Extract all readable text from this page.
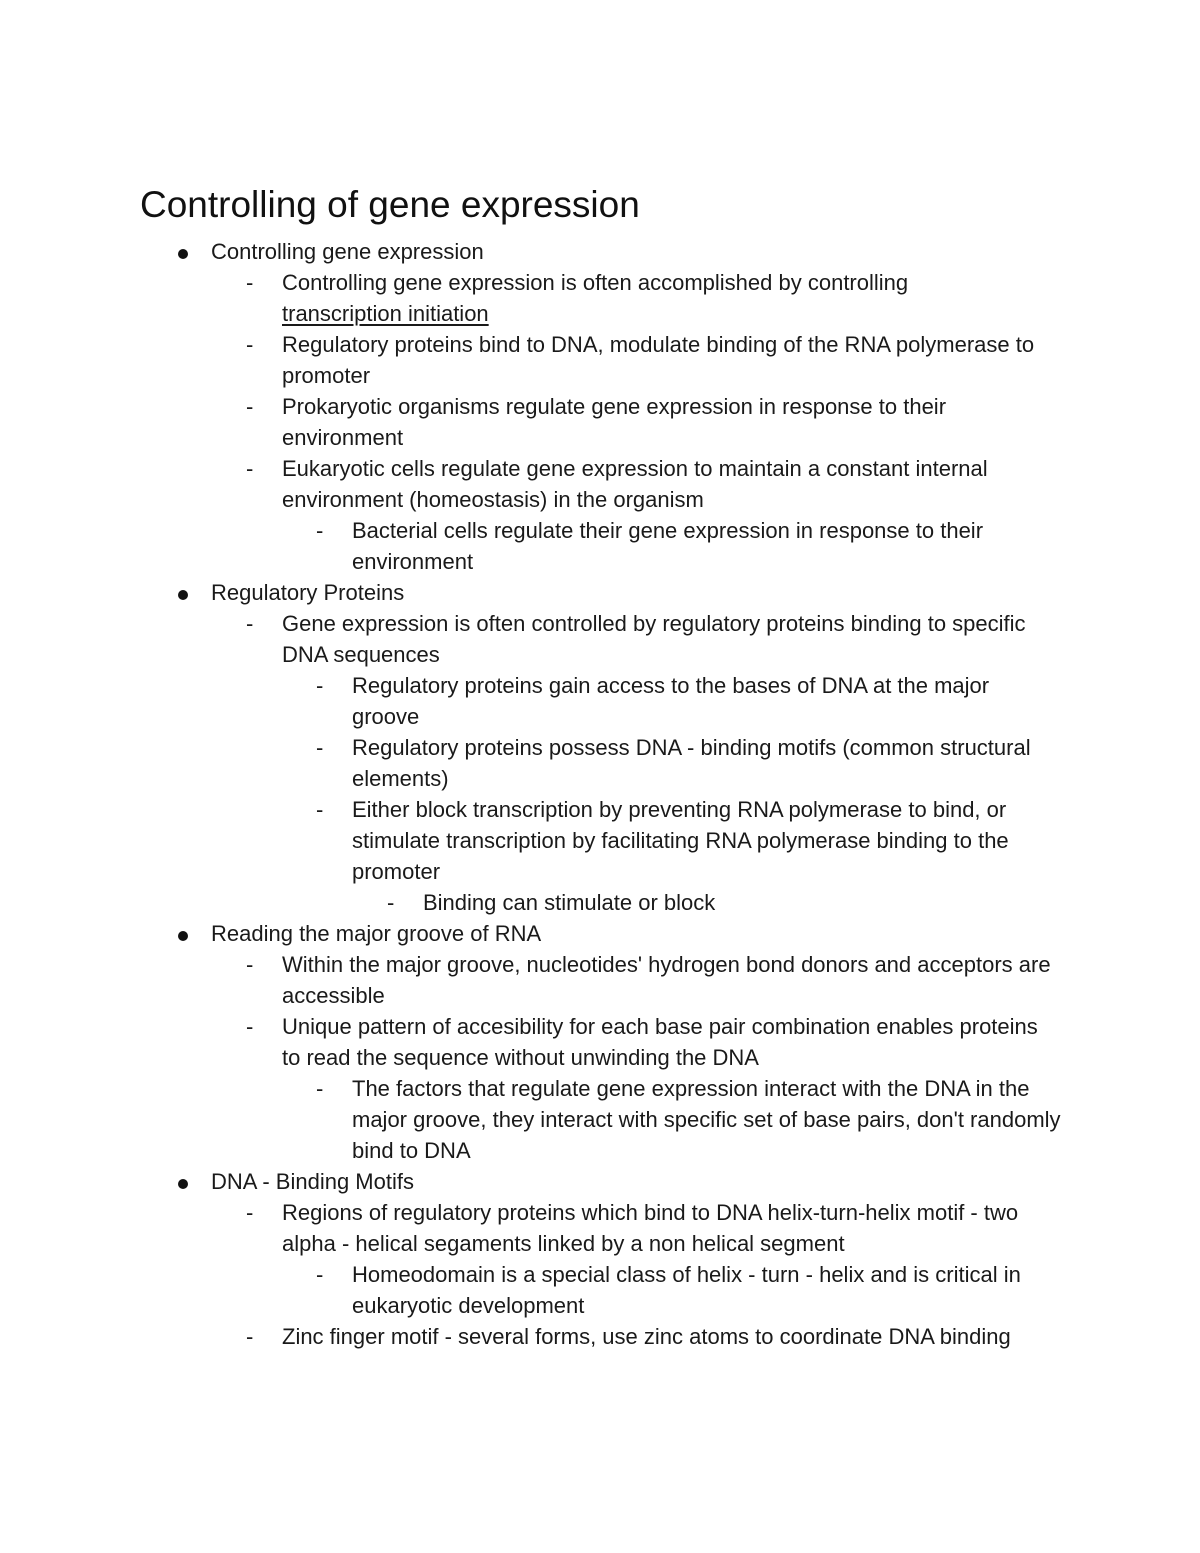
Controlling of gene expression
Controlling gene expression
-	Controlling gene expression is often accomplished by controlling
transcription initiation
-	Regulatory proteins bind to DNA, modulate binding of the RNA polymerase to promoter
-	Prokaryotic organisms regulate gene expression in response to their environment
-	Eukaryotic cells regulate gene expression to maintain a constant internal environment (homeostasis) in the organism
-	Bacterial cells regulate their gene expression in response to their environment
Regulatory Proteins
-	Gene expression is often controlled by regulatory proteins binding to specific DNA sequences
-	Regulatory proteins gain access to the bases of DNA at the major groove
-	Regulatory proteins possess DNA - binding motifs (common structural elements)
-	Either block transcription by preventing RNA polymerase to bind, or stimulate transcription by facilitating RNA polymerase binding to the promoter
-	Binding can stimulate or block
Reading the major groove of RNA
-	Within the major groove, nucleotides' hydrogen bond donors and acceptors are accessible
-	Unique pattern of accesibility for each base pair combination enables proteins to read the sequence without unwinding the DNA
-	The factors that regulate gene expression interact with the DNA in the major groove, they interact with specific set of base pairs, don't randomly bind to DNA
DNA - Binding Motifs
-	Regions of regulatory proteins which bind to DNA helix-turn-helix motif - two alpha - helical segaments linked by a non helical segment
-	Homeodomain is a special class of helix - turn - helix and is critical in eukaryotic development
-	Zinc finger motif - several forms, use zinc atoms to coordinate DNA binding
